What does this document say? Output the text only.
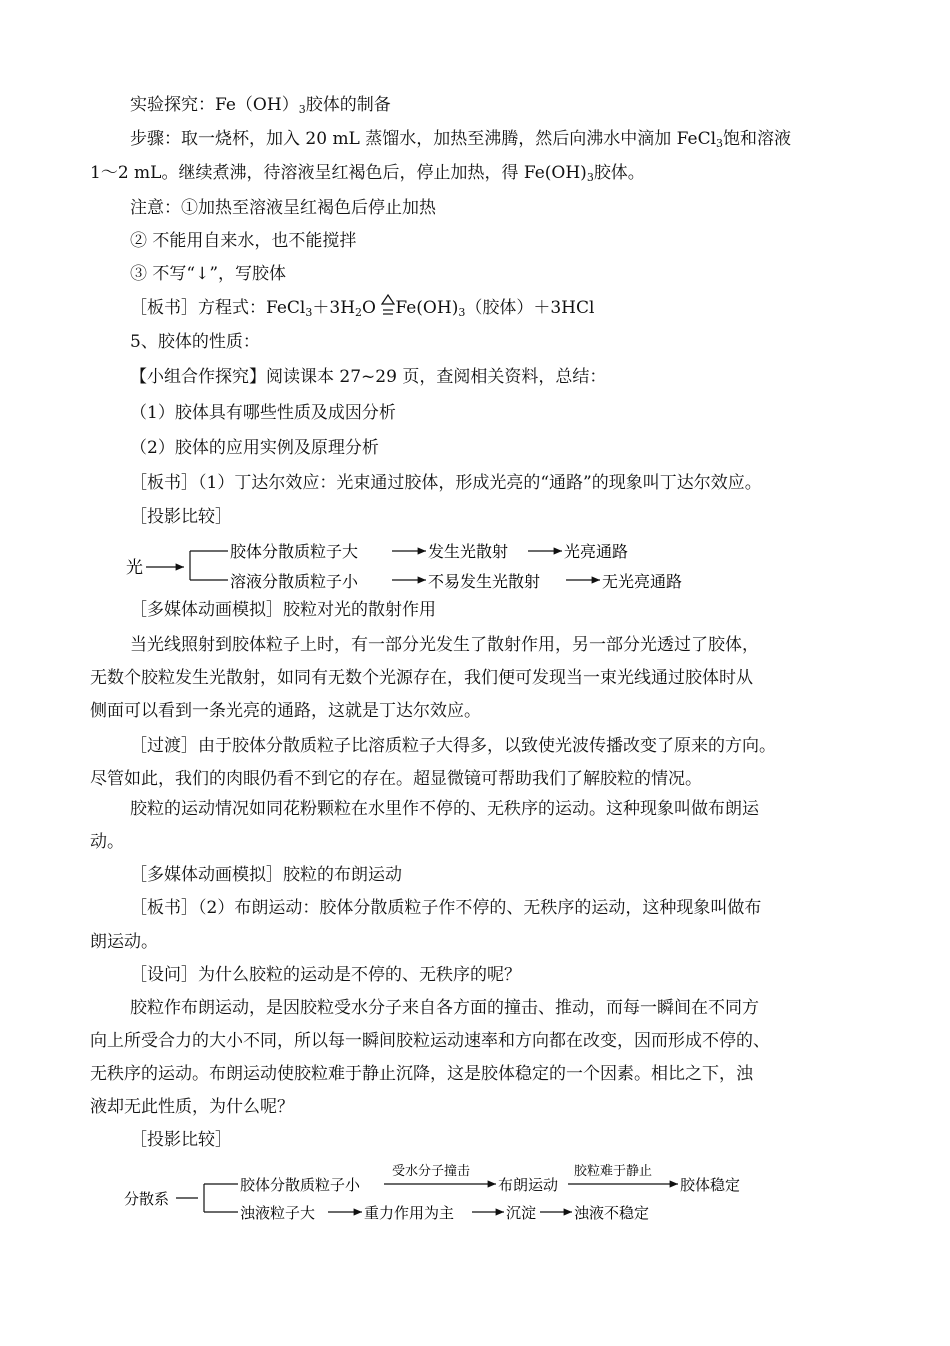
实验探究：$Fe(OH)_3$胶体的制备
步骤：取一烧杯，加入 20 mL 蒸馏水，加热至沸腾，然后向沸水中滴加 FeCl$_3$饱和溶液
1～2 mL。继续煮沸，待溶液呈红褐色后，停止加热，得 $Fe(OH)_3$胶体。
注意：①加热至溶液呈红褐色后停止加热
② 不能用自来水，也不能搅拌
③ 不写“↓”，写胶体
［板书］方程式：$FeCl_3+3H_2O$
$Fe(OH)_3$（胶体）＋3HCl
5、胶体的性质：
【小组合作探究】阅读课本 27~29 页，查阅相关资料，总结：
（1）胶体具有哪些性质及成因分析
（2）胶体的应用实例及原理分析
［板书］（1）丁达尔效应：光束通过胶体，形成光亮的“通路”的现象叫丁达尔效应。
［投影比较］
光
胶体分散质粒子大	发生光散射	光亮通路
溶液分散质粒子小	不易发生光散射	无光亮通路
［多媒体动画模拟］胶粒对光的散射作用
当光线照射到胶体粒子上时，有一部分光发生了散射作用，另一部分光透过了胶体，
无数个胶粒发生光散射，如同有无数个光源存在，我们便可发现当一束光线通过胶体时从
侧面可以看到一条光亮的通路，这就是丁达尔效应。
［过渡］由于胶体分散质粒子比溶质粒子大得多，以致使光波传播改变了原来的方向。
尽管如此，我们的肉眼仍看不到它的存在。超显微镜可帮助我们了解胶粒的情况。
胶粒的运动情况如同花粉颗粒在水里作不停的、无秩序的运动。这种现象叫做布朗运
动。
［多媒体动画模拟］胶粒的布朗运动
［板书］（2）布朗运动：胶体分散质粒子作不停的、无秩序的运动，这种现象叫做布
朗运动。
［设问］为什么胶粒的运动是不停的、无秩序的呢？
胶粒作布朗运动，是因胶粒受水分子来自各方面的撞击、推动，而每一瞬间在不同方
向上所受合力的大小不同，所以每一瞬间胶粒运动速率和方向都在改变，因而形成不停的、
无秩序的运动。布朗运动使胶粒难于静止沉降，这是胶体稳定的一个因素。相比之下，浊
液却无此性质，为什么呢？
［投影比较］
分散系
胶体分散质粒子小
受水分子撞击
布朗运动
胶粒难于静止
胶体稳定
浊液粒子大	重力作用为主	沉淀	浊液不稳定
